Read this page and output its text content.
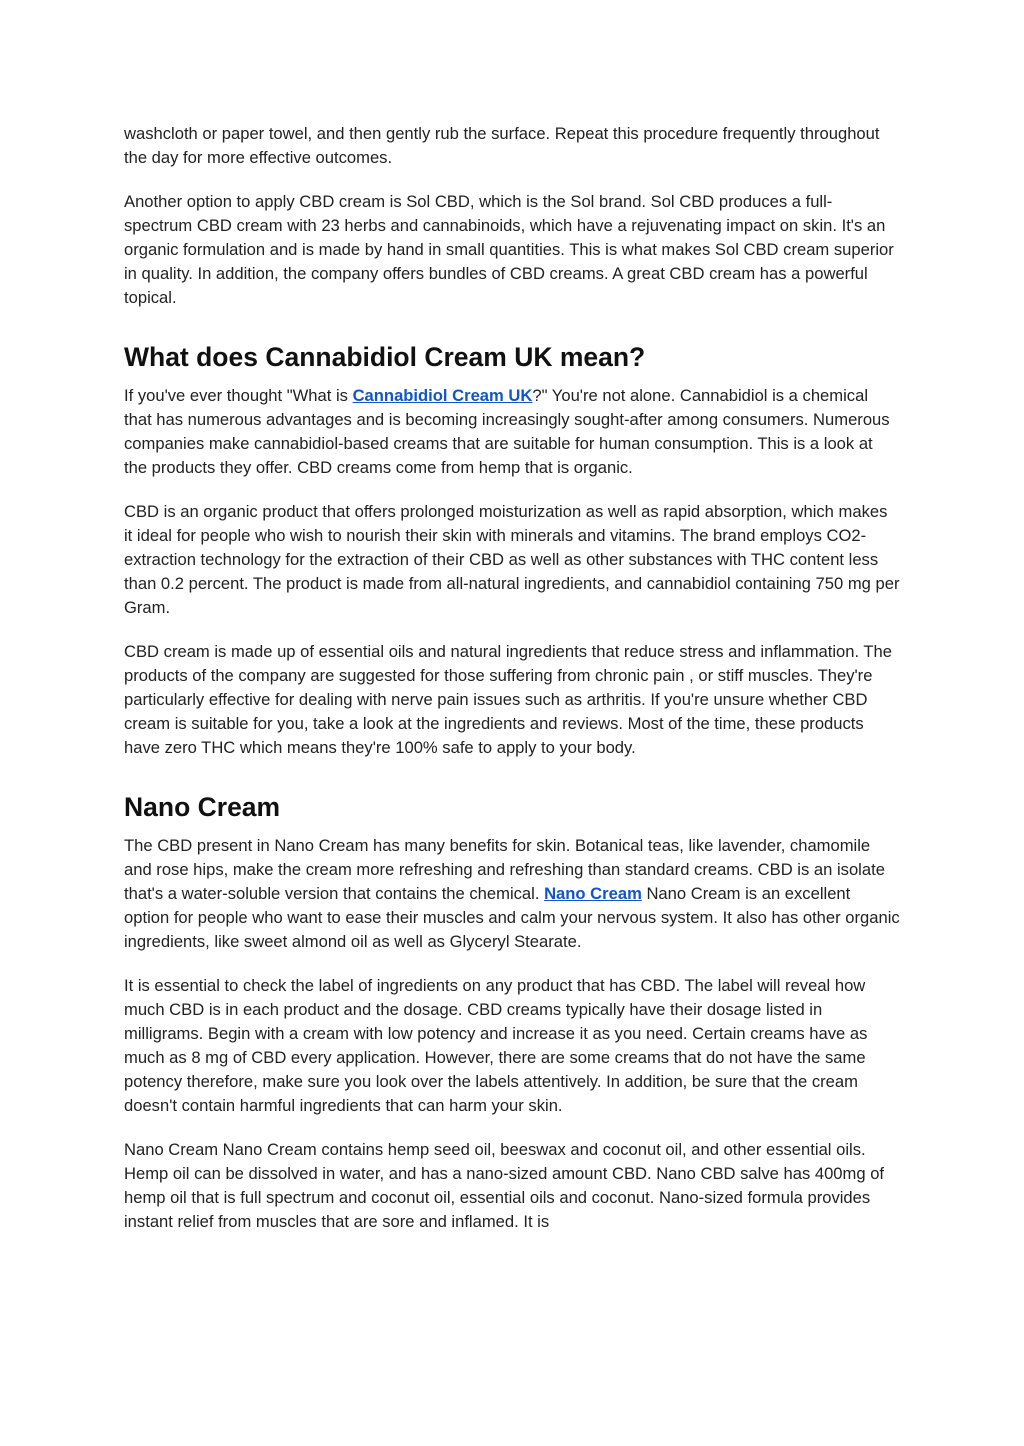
washcloth or paper towel, and then gently rub the surface. Repeat this procedure frequently throughout the day for more effective outcomes.

Another option to apply CBD cream is Sol CBD, which is the Sol brand. Sol CBD produces a full-spectrum CBD cream with 23 herbs and cannabinoids, which have a rejuvenating impact on skin. It's an organic formulation and is made by hand in small quantities. This is what makes Sol CBD cream superior in quality. In addition, the company offers bundles of CBD creams. A great CBD cream has a powerful topical.

What does Cannabidiol Cream UK mean?

If you've ever thought "What is Cannabidiol Cream UK?" You're not alone. Cannabidiol is a chemical that has numerous advantages and is becoming increasingly sought-after among consumers. Numerous companies make cannabidiol-based creams that are suitable for human consumption. This is a look at the products they offer. CBD creams come from hemp that is organic.

CBD is an organic product that offers prolonged moisturization as well as rapid absorption, which makes it ideal for people who wish to nourish their skin with minerals and vitamins. The brand employs CO2-extraction technology for the extraction of their CBD as well as other substances with THC content less than 0.2 percent. The product is made from all-natural ingredients, and cannabidiol containing 750 mg per Gram.

CBD cream is made up of essential oils and natural ingredients that reduce stress and inflammation. The products of the company are suggested for those suffering from chronic pain , or stiff muscles. They're particularly effective for dealing with nerve pain issues such as arthritis. If you're unsure whether CBD cream is suitable for you, take a look at the ingredients and reviews. Most of the time, these products have zero THC which means they're 100% safe to apply to your body.

Nano Cream

The CBD present in Nano Cream has many benefits for skin. Botanical teas, like lavender, chamomile and rose hips, make the cream more refreshing and refreshing than standard creams. CBD is an isolate that's a water-soluble version that contains the chemical. Nano Cream Nano Cream is an excellent option for people who want to ease their muscles and calm your nervous system. It also has other organic ingredients, like sweet almond oil as well as Glyceryl Stearate.

It is essential to check the label of ingredients on any product that has CBD. The label will reveal how much CBD is in each product and the dosage. CBD creams typically have their dosage listed in milligrams. Begin with a cream with low potency and increase it as you need. Certain creams have as much as 8 mg of CBD every application. However, there are some creams that do not have the same potency therefore, make sure you look over the labels attentively. In addition, be sure that the cream doesn't contain harmful ingredients that can harm your skin.

Nano Cream Nano Cream contains hemp seed oil, beeswax and coconut oil, and other essential oils. Hemp oil can be dissolved in water, and has a nano-sized amount CBD. Nano CBD salve has 400mg of hemp oil that is full spectrum and coconut oil, essential oils and coconut. Nano-sized formula provides instant relief from muscles that are sore and inflamed. It is
